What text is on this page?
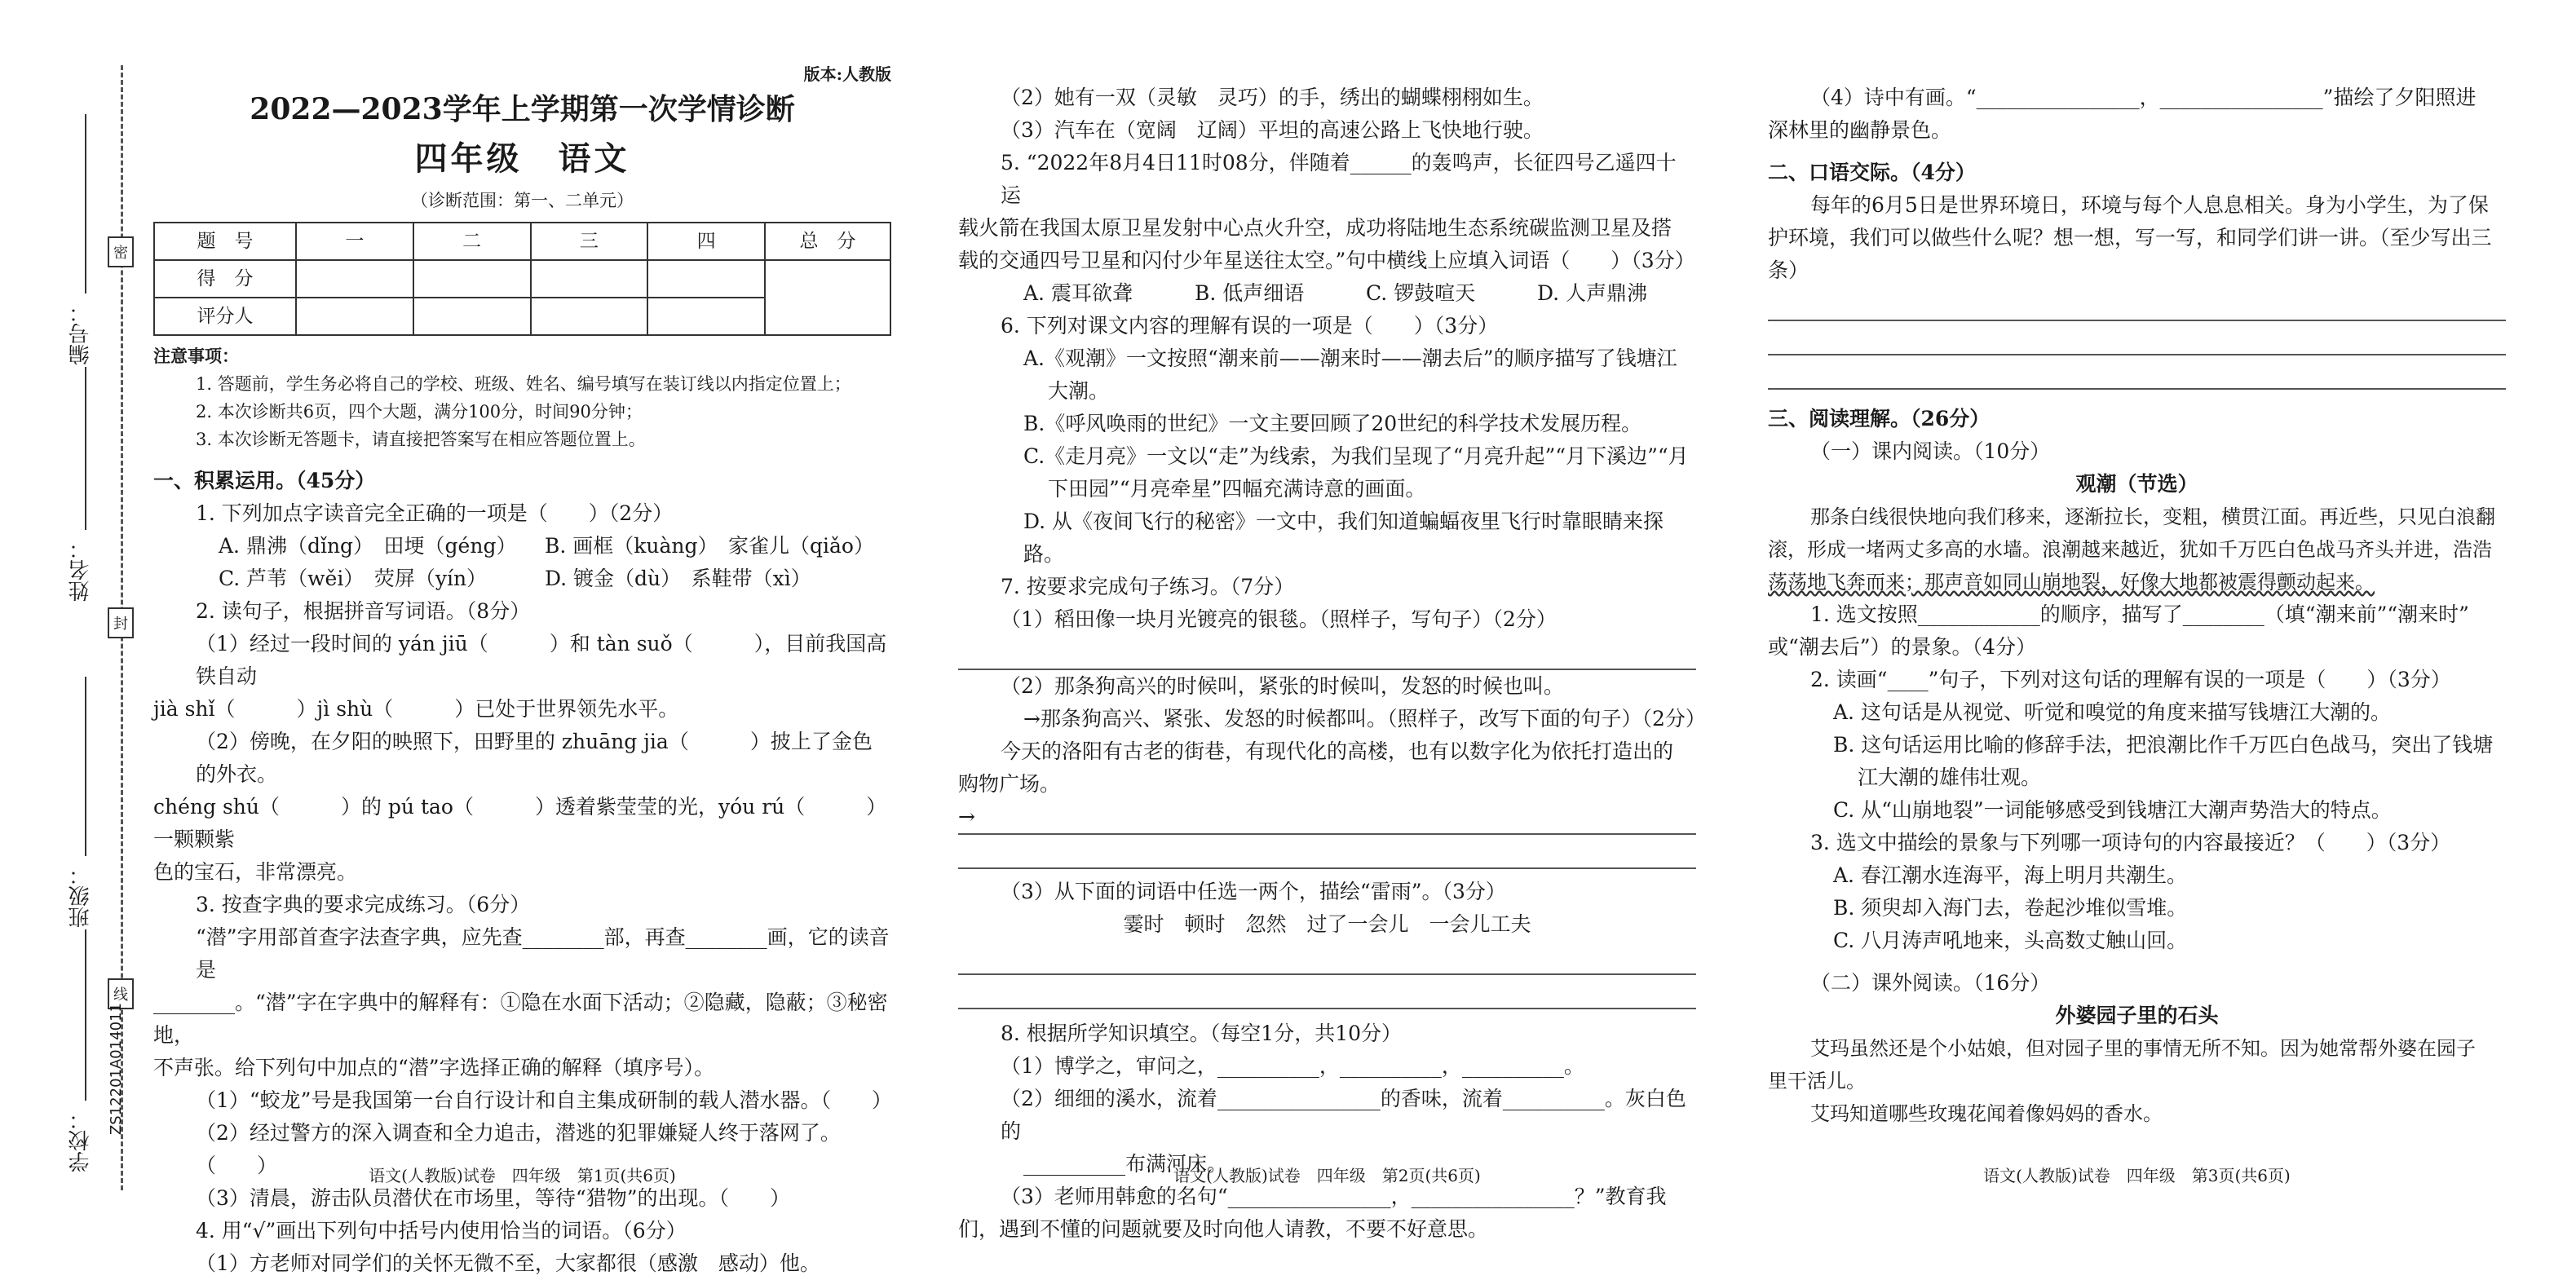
编号：
姓名：
班级：
学校：
密
封
线
ZS12201A014011

版本:人教版

2022—2023学年上学期第一次学情诊断

四年级　语文

（诊断范围：第一、二单元）

题　号	一	二	三	四	总　分
得　分					
评分人					

注意事项：

1. 答题前，学生务必将自己的学校、班级、姓名、编号填写在装订线以内指定位置上；

2. 本次诊断共6页，四个大题，满分100分，时间90分钟；

3. 本次诊断无答题卡，请直接把答案写在相应答题位置上。

一、积累运用。（45分）

1. 下列加点字读音完全正确的一项是（　　）（2分）

A. 鼎沸（dǐng）　田埂（géng）	B. 画框（kuàng）　家雀儿（qiǎo）

C. 芦苇（wěi）　荧屏（yín）	D. 镀金（dù）　系鞋带（xì）

2. 读句子，根据拼音写词语。（8分）

（1）经过一段时间的 yán jiū（　　　）和 tàn suǒ（　　　），目前我国高铁自动

jià shǐ（　　　）jì shù（　　　）已处于世界领先水平。

（2）傍晚，在夕阳的映照下，田野里的 zhuāng jia（　　　）披上了金色的外衣。

chéng shú（　　　）的 pú tao（　　　）透着紫莹莹的光，yóu rú（　　　）一颗颗紫

色的宝石，非常漂亮。

3. 按查字典的要求完成练习。（6分）

“潜”字用部首查字法查字典，应先查________部，再查________画，它的读音是

________。“潜”字在字典中的解释有：①隐在水面下活动；②隐藏，隐蔽；③秘密地，

不声张。给下列句中加点的“潜”字选择正确的解释（填序号）。

（1）“蛟龙”号是我国第一台自行设计和自主集成研制的载人潜水器。（　　）

（2）经过警方的深入调查和全力追击，潜逃的犯罪嫌疑人终于落网了。（　　）

（3）清晨，游击队员潜伏在市场里，等待“猎物”的出现。（　　）

4. 用“√”画出下列句中括号内使用恰当的词语。（6分）

（1）方老师对同学们的关怀无微不至，大家都很（感激　感动）他。

语文(人教版)试卷　四年级　第1页(共6页)

（2）她有一双（灵敏　灵巧）的手，绣出的蝴蝶栩栩如生。

（3）汽车在（宽阔　辽阔）平坦的高速公路上飞快地行驶。

5. “2022年8月4日11时08分，伴随着______的轰鸣声，长征四号乙遥四十运

载火箭在我国太原卫星发射中心点火升空，成功将陆地生态系统碳监测卫星及搭

载的交通四号卫星和闪付少年星送往太空。”句中横线上应填入词语（　　）（3分）

A. 震耳欲聋	B. 低声细语	C. 锣鼓喧天	D. 人声鼎沸

6. 下列对课文内容的理解有误的一项是（　　）（3分）

A.《观潮》一文按照“潮来前——潮来时——潮去后”的顺序描写了钱塘江

大潮。

B.《呼风唤雨的世纪》一文主要回顾了20世纪的科学技术发展历程。

C.《走月亮》一文以“走”为线索，为我们呈现了“月亮升起”“月下溪边”“月

下田园”“月亮牵星”四幅充满诗意的画面。

D. 从《夜间飞行的秘密》一文中，我们知道蝙蝠夜里飞行时靠眼睛来探路。

7. 按要求完成句子练习。（7分）

（1）稻田像一块月光镀亮的银毯。（照样子，写句子）（2分）

（2）那条狗高兴的时候叫，紧张的时候叫，发怒的时候也叫。

→那条狗高兴、紧张、发怒的时候都叫。（照样子，改写下面的句子）（2分）

今天的洛阳有古老的街巷，有现代化的高楼，也有以数字化为依托打造出的

购物广场。

→

（3）从下面的词语中任选一两个，描绘“雷雨”。（3分）

霎时　顿时　忽然　过了一会儿　一会儿工夫

8. 根据所学知识填空。（每空1分，共10分）

（1）博学之，审问之，__________，__________，__________。

（2）细细的溪水，流着________________的香味，流着__________。灰白色的

__________布满河床。

（3）老师用韩愈的名句“________________，________________？”教育我

们，遇到不懂的问题就要及时向他人请教，不要不好意思。

语文(人教版)试卷　四年级　第2页(共6页)

（4）诗中有画。“________________，________________”描绘了夕阳照进

深林里的幽静景色。

二、口语交际。（4分）

每年的6月5日是世界环境日，环境与每个人息息相关。身为小学生，为了保

护环境，我们可以做些什么呢？想一想，写一写，和同学们讲一讲。（至少写出三条）

三、阅读理解。（26分）

（一）课内阅读。（10分）

观潮（节选）

那条白线很快地向我们移来，逐渐拉长，变粗，横贯江面。再近些，只见白浪翻

滚，形成一堵两丈多高的水墙。浪潮越来越近，犹如千万匹白色战马齐头并进，浩浩

荡荡地飞奔而来；那声音如同山崩地裂，好像大地都被震得颤动起来。

1. 选文按照____________的顺序，描写了________（填“潮来前”“潮来时”

或“潮去后”）的景象。（4分）

2. 读画“____”句子，下列对这句话的理解有误的一项是（　　）（3分）

A. 这句话是从视觉、听觉和嗅觉的角度来描写钱塘江大潮的。

B. 这句话运用比喻的修辞手法，把浪潮比作千万匹白色战马，突出了钱塘

江大潮的雄伟壮观。

C. 从“山崩地裂”一词能够感受到钱塘江大潮声势浩大的特点。

3. 选文中描绘的景象与下列哪一项诗句的内容最接近？（　　）（3分）

A. 春江潮水连海平，海上明月共潮生。

B. 须臾却入海门去，卷起沙堆似雪堆。

C. 八月涛声吼地来，头高数丈触山回。

（二）课外阅读。（16分）

外婆园子里的石头

艾玛虽然还是个小姑娘，但对园子里的事情无所不知。因为她常帮外婆在园子

里干活儿。

艾玛知道哪些玫瑰花闻着像妈妈的香水。

语文(人教版)试卷　四年级　第3页(共6页)
